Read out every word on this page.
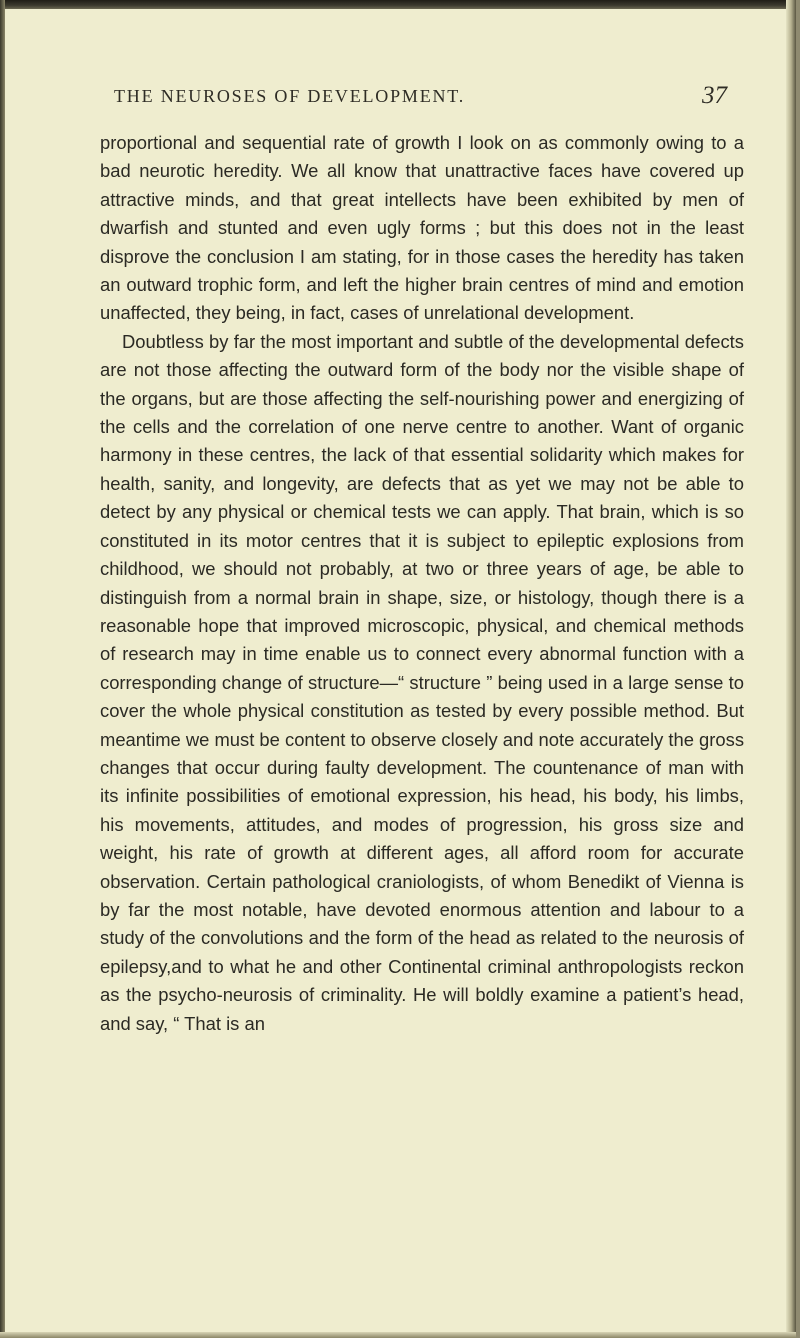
THE NEUROSES OF DEVELOPMENT.	37

proportional and sequential rate of growth I look on as commonly owing to a bad neurotic heredity. We all know that unattractive faces have covered up attractive minds, and that great intellects have been exhibited by men of dwarfish and stunted and even ugly forms ; but this does not in the least disprove the conclusion I am stating, for in those cases the heredity has taken an outward trophic form, and left the higher brain centres of mind and emotion unaffected, they being, in fact, cases of unrelational development.

Doubtless by far the most important and subtle of the developmental defects are not those affecting the outward form of the body nor the visible shape of the organs, but are those affecting the self-nourishing power and energizing of the cells and the correlation of one nerve centre to another. Want of organic harmony in these centres, the lack of that essential solidarity which makes for health, sanity, and longevity, are defects that as yet we may not be able to detect by any physical or chemical tests we can apply. That brain, which is so constituted in its motor centres that it is subject to epileptic explosions from childhood, we should not probably, at two or three years of age, be able to distinguish from a normal brain in shape, size, or histology, though there is a reasonable hope that improved microscopic, physical, and chemical methods of research may in time enable us to connect every abnormal function with a corresponding change of structure—“ structure ” being used in a large sense to cover the whole physical constitution as tested by every possible method. But meantime we must be content to observe closely and note accurately the gross changes that occur during faulty development. The countenance of man with its infinite possibilities of emotional expression, his head, his body, his limbs, his movements, attitudes, and modes of progression, his gross size and weight, his rate of growth at different ages, all afford room for accurate observation. Certain pathological craniologists, of whom Benedikt of Vienna is by far the most notable, have devoted enormous attention and labour to a study of the convolutions and the form of the head as related to the neurosis of epilepsy,and to what he and other Continental criminal anthropologists reckon as the psycho-neurosis of criminality. He will boldly examine a patient’s head, and say, “ That is an
